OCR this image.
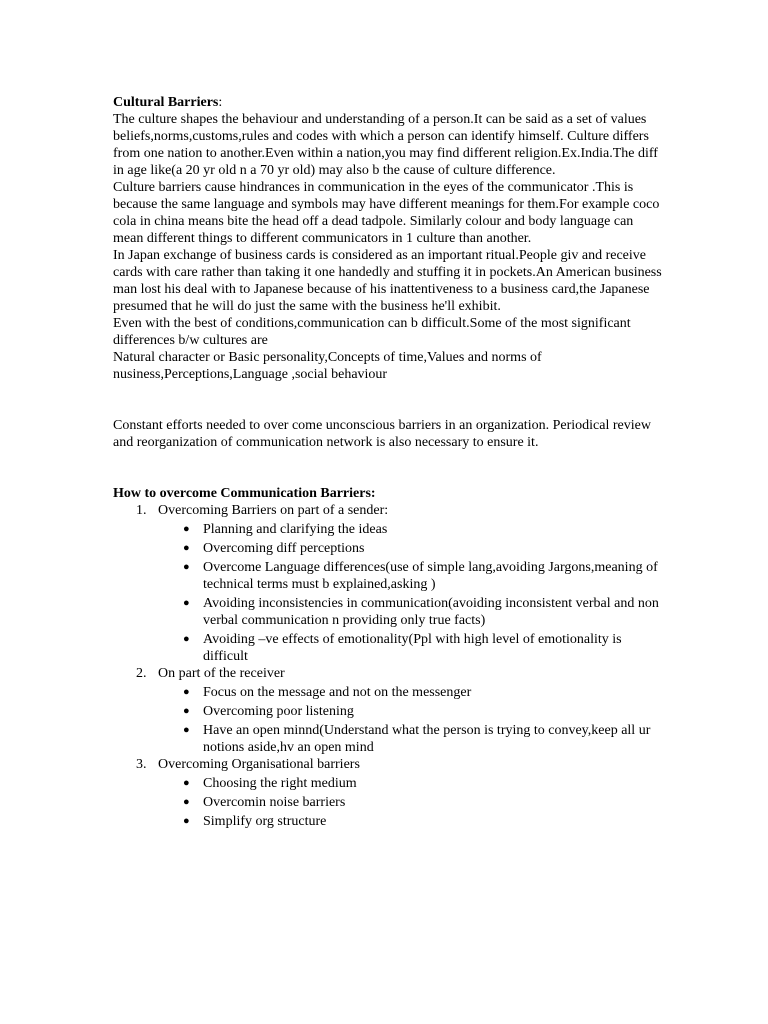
Cultural Barriers:

The culture shapes the behaviour and understanding of a person.It can be said as a set of values beliefs,norms,customs,rules and codes with which a person can identify himself. Culture differs from one nation to another.Even within a nation,you may find different religion.Ex.India.The diff in age like(a 20 yr old n a 70 yr old) may also b the cause of culture difference.

Culture barriers cause hindrances in communication in the eyes of the communicator .This is because the same language and symbols may have different meanings for them.For example coco cola in china means bite the head off a dead tadpole. Similarly colour and body language can mean different things to different communicators in 1 culture than another.

In Japan exchange of business cards is considered as an important ritual.People giv and receive cards with care rather than taking it one handedly and stuffing it in pockets.An American business man lost his deal with to Japanese because of his inattentiveness to a business card,the Japanese presumed that he will do just the same with the business he'll exhibit.

Even with the best of conditions,communication can b difficult.Some of the most significant differences b/w cultures are

Natural character or Basic personality,Concepts of time,Values and norms of nusiness,Perceptions,Language ,social behaviour

Constant efforts needed to over come unconscious barriers in an organization. Periodical review and reorganization of communication network is also necessary to ensure it.

How to overcome Communication Barriers:

1. Overcoming Barriers on part of a sender:
● Planning and clarifying the ideas
● Overcoming diff perceptions
● Overcome Language differences(use of simple lang,avoiding Jargons,meaning of technical terms must b explained,asking )
● Avoiding inconsistencies in communication(avoiding inconsistent verbal and non verbal communication n providing only true facts)
● Avoiding –ve effects of emotionality(Ppl with high level of emotionality is difficult
2. On part of the receiver
● Focus on the message and not on the messenger
● Overcoming poor listening
● Have an open minnd(Understand what the person is trying to convey,keep all ur notions aside,hv an open mind
3. Overcoming Organisational barriers
● Choosing the right medium
● Overcomin noise barriers
● Simplify org structure
